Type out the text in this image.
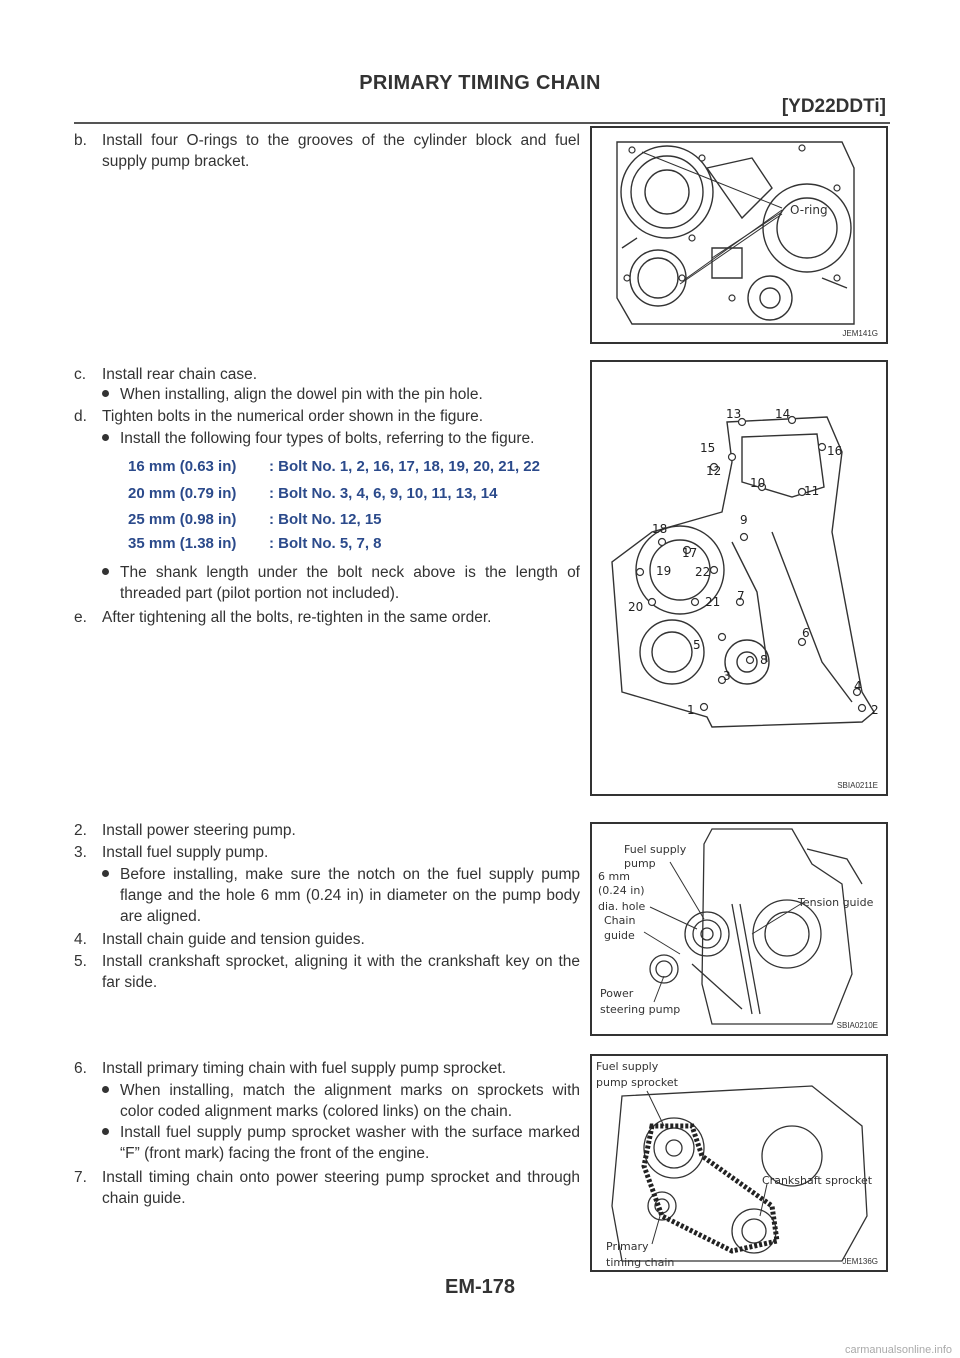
PRIMARY TIMING CHAIN
[YD22DDTi]
b. Install four O-rings to the grooves of the cylinder block and fuel supply pump bracket.
O-ring
JEM141G
c. Install rear chain case.
When installing, align the dowel pin with the pin hole.
d. Tighten bolts in the numerical order shown in the figure.
Install the following four types of bolts, referring to the figure.
16 mm (0.63 in) : Bolt No. 1, 2, 16, 17, 18, 19, 20, 21, 22
20 mm (0.79 in) : Bolt No. 3, 4, 6, 9, 10, 11, 13, 14
25 mm (0.98 in) : Bolt No. 12, 15
35 mm (1.38 in) : Bolt No. 5, 7, 8
The shank length under the bolt neck above is the length of threaded part (pilot portion not included).
e. After tightening all the bolts, re-tighten in the same order.
1	2
3
4
5
6
7
8
9
10
11
12
13	14
15	16
17
18
19
20	21
22
SBIA0211E
2. Install power steering pump.
3. Install fuel supply pump.
Before installing, make sure the notch on the fuel supply pump flange and the hole 6 mm (0.24 in) in diameter on the pump body are aligned.
4. Install chain guide and tension guides.
5. Install crankshaft sprocket, aligning it with the crankshaft key on the far side.
Fuel supply
pump
6 mm
(0.24 in)
dia. hole
Chain
guide
Tension guide
Power
steering pump
SBIA0210E
6. Install primary timing chain with fuel supply pump sprocket.
When installing, match the alignment marks on sprockets with color coded alignment marks (colored links) on the chain.
Install fuel supply pump sprocket washer with the surface marked “F” (front mark) facing the front of the engine.
7. Install timing chain onto power steering pump sprocket and through chain guide.
Fuel supply
pump sprocket
Crankshaft sprocket
Primary
timing chain	JEM136G
EM-178
carmanualsonline.info
